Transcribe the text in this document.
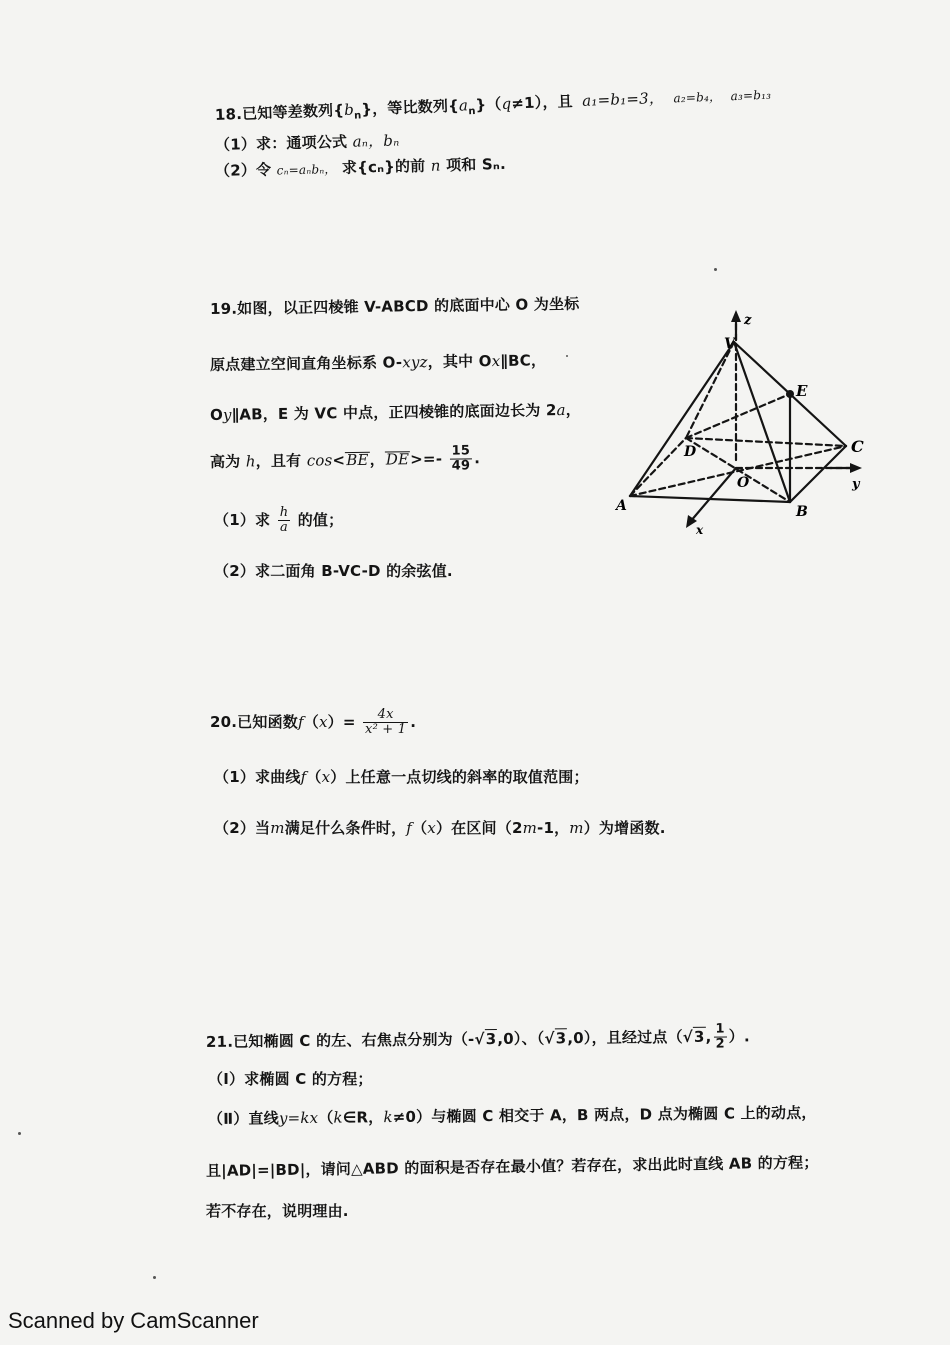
18.已知等差数列$\{b_n\}$，等比数列$\{a_n\}(q\ne 1)$，且 a₁=b₁=3， a₂=b₄， a₃=b₁₃
（1）求：通项公式 aₙ，bₙ
（2）令 cₙ=aₙbₙ， 求{cₙ}的前 n 项和 Sₙ.
19.如图，以正四棱锥 V-ABCD 的底面中心 O 为坐标
原点建立空间直角坐标系 O-xyz，其中 Ox∥BC，
Oy∥AB，E 为 VC 中点，正四棱锥的底面边长为 2a，
高为 h，且有 cos<BE，$DE>=- \frac{15}{49}$ .
（1）求 $\frac{h}{a}$ 的值；
（2）求二面角 B-VC-D 的余弦值.
z
V
E
C
D
O	y
A	B
x
20.已知函数$f(x)= \frac{4x}{\text{x² + 1}}$ .
（1）求曲线f（x）上任意一点切线的斜率的取值范围；
（2）当m满足什么条件时，f（x）在区间（2m-1，m）为增函数.
21.已知椭圆 C 的左、右焦点分别为（-√3,0）、（√3,0），且经过点（√3, $\frac{1}{2}$ ）.
（Ⅰ）求椭圆 C 的方程；
（Ⅱ）直线y=kx（k∈R，k≠0）与椭圆 C 相交于 A，B 两点，D 点为椭圆 C 上的动点，
且|AD|=|BD|，请问△ABD 的面积是否存在最小值？若存在，求出此时直线 AB 的方程；
若不存在，说明理由.
Scanned by CamScanner
